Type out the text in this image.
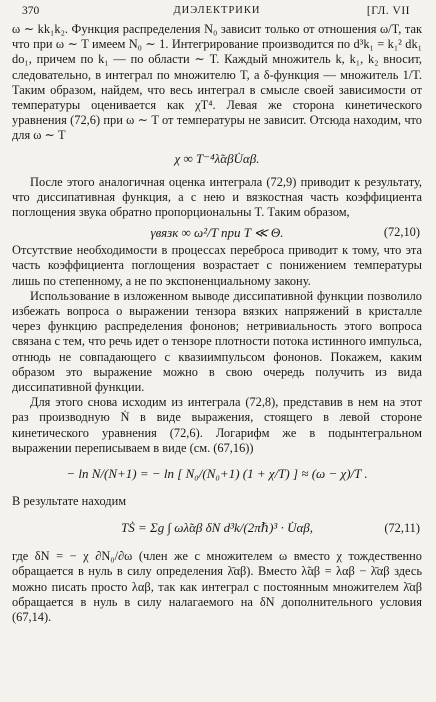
370	ДИЭЛЕКТРИКИ	[ГЛ. VII

ω ∼ kk₁k₂. Функция распределения N₀ зависит только от отношения ω/T, так что при ω ∼ T имеем N₀ ∼ 1. Интегрирование производится по d³k₁ = k₁² dk₁ do₁, причем по k₁ — по области ∼ T. Каждый множитель k, k₁, k₂ вносит, следовательно, в интеграл по множителю T, а δ-функция — множитель 1/T. Таким образом, найдем, что весь интеграл в смысле своей зависимости от температуры оценивается как χT⁴. Левая же сторона кинетического уравнения (72,6) при ω ∼ T от температуры не зависит. Отсюда находим, что для ω ∼ T

χ ∞ T⁻⁴λ̃αβU̇αβ.

После этого аналогичная оценка интеграла (72,9) приводит к результату, что диссипативная функция, а с нею и вязкостная часть коэффициента поглощения звука обратно пропорциональны T. Таким образом,

γвязк ∞ ω²/T при T ≪ Θ.	(72,10)

Отсутствие необходимости в процессах переброса приводит к тому, что эта часть коэффициента поглощения возрастает с понижением температуры лишь по степенному, а не по экспоненциальному закону.

Использование в изложенном выводе диссипативной функции позволило избежать вопроса о выражении тензора вязких напряжений в кристалле через функцию распределения фононов; нетривиальность этого вопроса связана с тем, что речь идет о тензоре плотности потока истинного импульса, отнюдь не совпадающего с квазиимпульсом фононов. Покажем, каким образом это выражение можно в свою очередь получить из вида диссипативной функции.

Для этого снова исходим из интеграла (72,8), представив в нем на этот раз производную Ṅ в виде выражения, стоящего в левой стороне кинетического уравнения (72,6). Логарифм же в подынтегральном выражении переписываем в виде (см. (67,16))

− ln N/(N+1) = − ln [ N₀/(N₀+1) (1 + χ/T) ] ≈ (ω − χ)/T .

В результате находим

TṠ = Σg ∫ ωλ̃αβ δN d³k/(2πℏ)³ · U̇αβ,	(72,11)

где δN = − χ ∂N₀/∂ω (член же с множителем ω вместо χ тождественно обращается в нуль в силу определения λ̄αβ). Вместо λ̃αβ = λαβ − λ̄αβ здесь можно писать просто λαβ, так как интеграл с постоянным множителем λ̄αβ обращается в нуль в силу налагаемого на δN дополнительного условия (67,14).
